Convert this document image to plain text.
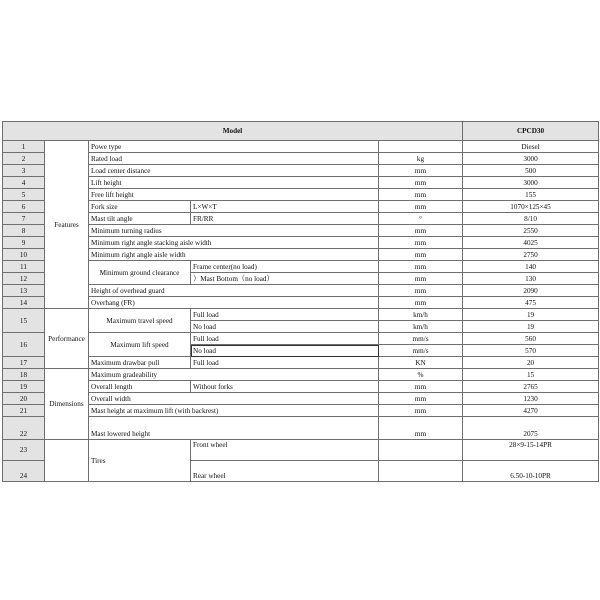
Model					CPCD30
1	Features	Powe type			Diesel
2		Rated load		kg	3000
3		Load center distance		mm	500
4		Lift height		mm	3000
5		Free lift height		mm	155
6		Fork size	L×W×T	mm	1070×125×45
7		Mast tilt angle	FR/RR	°	8/10
8		Minimum turning radius		mm	2550
9		Minimum right angle stacking aisle width		mm	4025
10		Minimum right angle aisle width		mm	2750
11		Minimum ground clearance	Frame center(no load)	mm	140
12			）Mast Bottom（no load）	mm	130
13		Height of overhead guard		mm	2090
14		Overhang (FR)		mm	475
15	Performance	Maximum travel speed	Full load	km/h	19
			No load	km/h	19
16		Maximum lift speed	Full load	mm/s	560
			No load	mm/s	570
17		Maximum drawbar pull	Full load	KN	20
18	Dimensions	Maximum gradeability		%	15
19		Overall length	Without forks	mm	2765
20		Overall width		mm	1230
21		Mast height at maximum lift (with backrest)		mm	4270
22		Mast lowered height		mm	2075
23		Tires	Front wheel		28×9-15-14PR
24			Rear wheel		6.50-10-10PR
